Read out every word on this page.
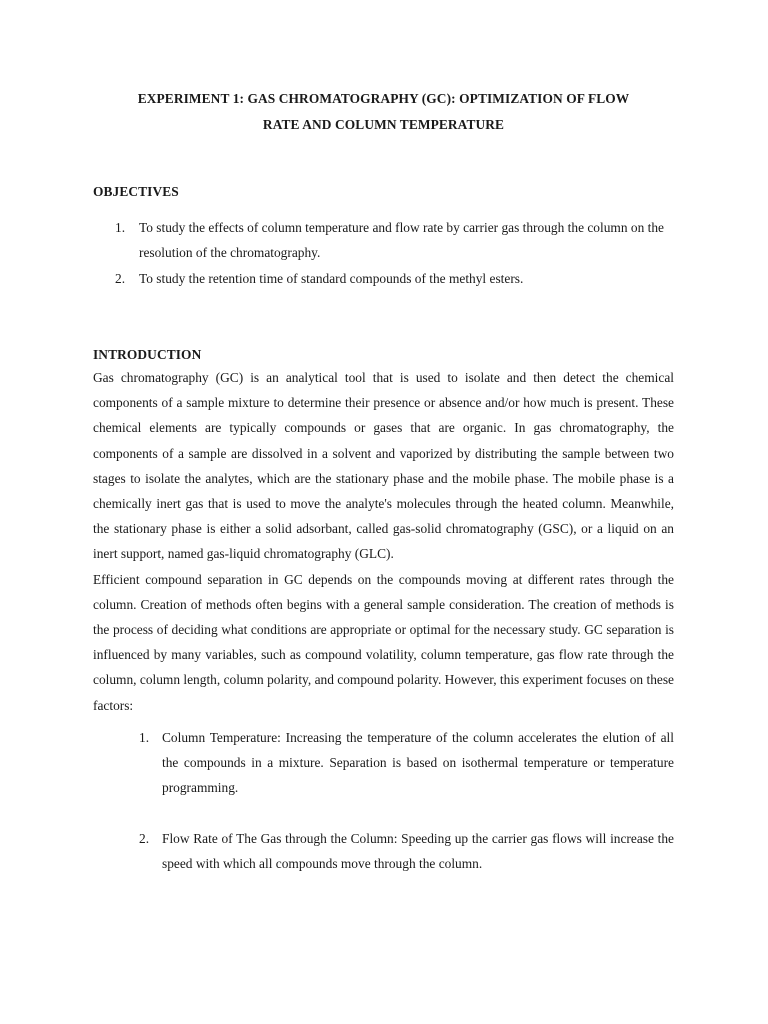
EXPERIMENT 1: GAS CHROMATOGRAPHY (GC): OPTIMIZATION OF FLOW
RATE AND COLUMN TEMPERATURE
OBJECTIVES
1. To study the effects of column temperature and flow rate by carrier gas through the column on the resolution of the chromatography.
2. To study the retention time of standard compounds of the methyl esters.
INTRODUCTION

Gas chromatography (GC) is an analytical tool that is used to isolate and then detect the chemical components of a sample mixture to determine their presence or absence and/or how much is present. These chemical elements are typically compounds or gases that are organic. In gas chromatography, the components of a sample are dissolved in a solvent and vaporized by distributing the sample between two stages to isolate the analytes, which are the stationary phase and the mobile phase. The mobile phase is a chemically inert gas that is used to move the analyte's molecules through the heated column. Meanwhile, the stationary phase is either a solid adsorbant, called gas-solid chromatography (GSC), or a liquid on an inert support, named gas-liquid chromatography (GLC).

Efficient compound separation in GC depends on the compounds moving at different rates through the column. Creation of methods often begins with a general sample consideration. The creation of methods is the process of deciding what conditions are appropriate or optimal for the necessary study. GC separation is influenced by many variables, such as compound volatility, column temperature, gas flow rate through the column, column length, column polarity, and compound polarity. However, this experiment focuses on these factors:

1. Column Temperature: Increasing the temperature of the column accelerates the elution of all the compounds in a mixture. Separation is based on isothermal temperature or temperature programming.
2. Flow Rate of The Gas through the Column: Speeding up the carrier gas flows will increase the speed with which all compounds move through the column.
